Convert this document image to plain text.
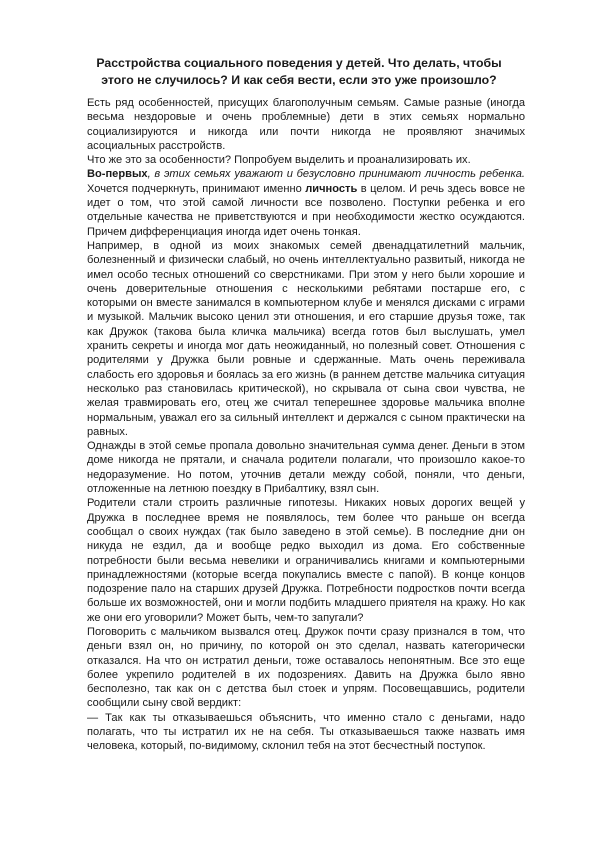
Расстройства социального поведения у детей. Что делать, чтобы этого не случилось? И как себя вести, если это уже произошло?

Есть ряд особенностей, присущих благополучным семьям. Самые разные (иногда весьма нездоровые и очень проблемные) дети в этих семьях нормально социализируются и никогда или почти никогда не проявляют значимых асоциальных расстройств.

Что же это за особенности? Попробуем выделить и проанализировать их.

Во-первых, в этих семьях уважают и безусловно принимают личность ребенка. Хочется подчеркнуть, принимают именно личность в целом. И речь здесь вовсе не идет о том, что этой самой личности все позволено. Поступки ребенка и его отдельные качества не приветствуются и при необходимости жестко осуждаются. Причем дифференциация иногда идет очень тонкая.

Например, в одной из моих знакомых семей двенадцатилетний мальчик, болезненный и физически слабый, но очень интеллектуально развитый, никогда не имел особо тесных отношений со сверстниками. При этом у него были хорошие и очень доверительные отношения с несколькими ребятами постарше его, с которыми он вместе занимался в компьютерном клубе и менялся дисками с играми и музыкой. Мальчик высоко ценил эти отношения, и его старшие друзья тоже, так как Дружок (такова была кличка мальчика) всегда готов был выслушать, умел хранить секреты и иногда мог дать неожиданный, но полезный совет. Отношения с родителями у Дружка были ровные и сдержанные. Мать очень переживала слабость его здоровья и боялась за его жизнь (в раннем детстве мальчика ситуация несколько раз становилась критической), но скрывала от сына свои чувства, не желая травмировать его, отец же считал теперешнее здоровье мальчика вполне нормальным, уважал его за сильный интеллект и держался с сыном практически на равных.

Однажды в этой семье пропала довольно значительная сумма денег. Деньги в этом доме никогда не прятали, и сначала родители полагали, что произошло какое-то недоразумение. Но потом, уточнив детали между собой, поняли, что деньги, отложенные на летнюю поездку в Прибалтику, взял сын.

Родители стали строить различные гипотезы. Никаких новых дорогих вещей у Дружка в последнее время не появлялось, тем более что раньше он всегда сообщал о своих нуждах (так было заведено в этой семье). В последние дни он никуда не ездил, да и вообще редко выходил из дома. Его собственные потребности были весьма невелики и ограничивались книгами и компьютерными принадлежностями (которые всегда покупались вместе с папой). В конце концов подозрение пало на старших друзей Дружка. Потребности подростков почти всегда больше их возможностей, они и могли подбить младшего приятеля на кражу. Но как же они его уговорили? Может быть, чем-то запугали?

Поговорить с мальчиком вызвался отец. Дружок почти сразу признался в том, что деньги взял он, но причину, по которой он это сделал, назвать категорически отказался. На что он истратил деньги, тоже оставалось непонятным. Все это еще более укрепило родителей в их подозрениях. Давить на Дружка было явно бесполезно, так как он с детства был стоек и упрям. Посовещавшись, родители сообщили сыну свой вердикт:

— Так как ты отказываешься объяснить, что именно стало с деньгами, надо полагать, что ты истратил их не на себя. Ты отказываешься также назвать имя человека, который, по-видимому, склонил тебя на этот бесчестный поступок.
